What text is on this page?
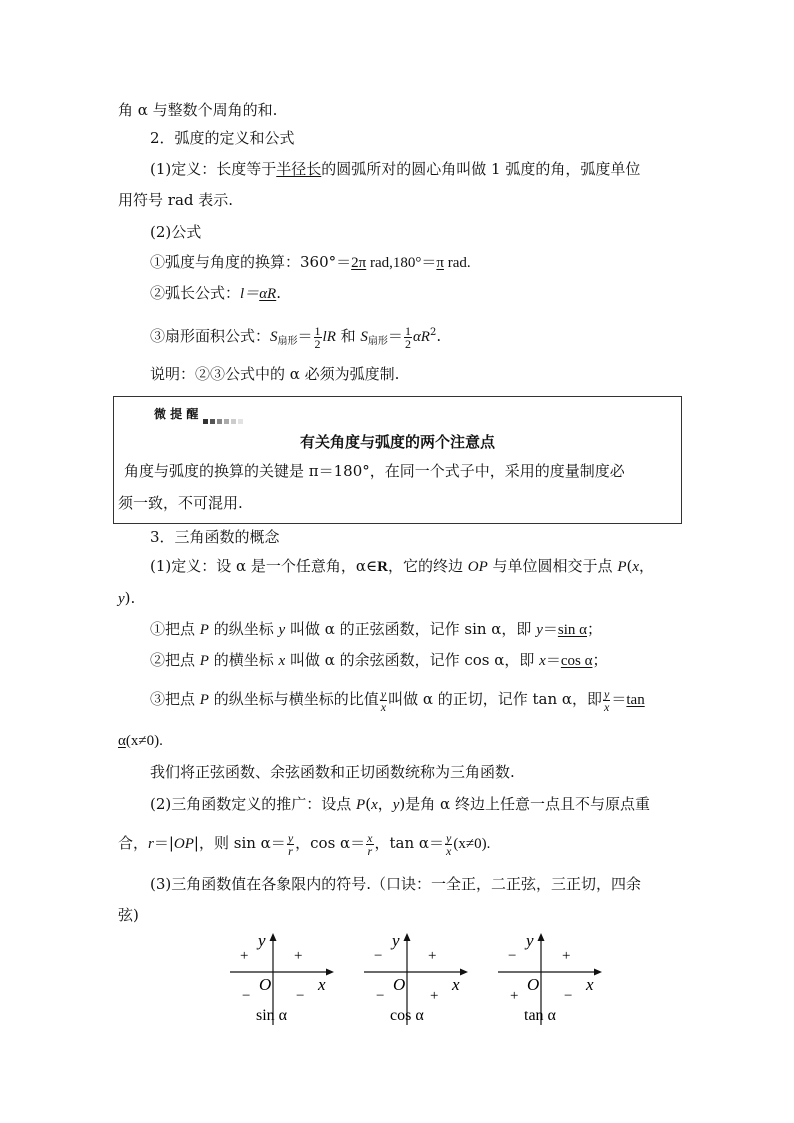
角 α 与整数个周角的和.
2．弧度的定义和公式
(1)定义：长度等于半径长的圆弧所对的圆心角叫做 1 弧度的角，弧度单位
用符号 rad 表示.
(2)公式
①弧度与角度的换算：360°＝2π rad,180°＝π rad.
②弧长公式：l＝αR.
③扇形面积公式：$S_{扇形}= \frac{1}{2}$ lR 和 $S_{扇形}= \frac{1}{2} \alpha R^2$.
说明：②③公式中的 α 必须为弧度制.
微 提 醒
有关角度与弧度的两个注意点
角度与弧度的换算的关键是 π＝180°，在同一个式子中，采用的度量制度必
须一致，不可混用.
3．三角函数的概念
(1)定义：设 α 是一个任意角，α∈R，它的终边 OP 与单位圆相交于点 P(x，
y).
①把点 P 的纵坐标 y 叫做 α 的正弦函数，记作 sin α，即 y＝sin α；
②把点 P 的横坐标 x 叫做 α 的余弦函数，记作 cos α，即 x＝cos α；
③把点 P 的纵坐标与横坐标的比值 $\frac{y}{x}$ 叫做 α 的正切，记作 tan α，即 $\frac{y}{x} =\tan$
α(x≠0).
我们将正弦函数、余弦函数和正切函数统称为三角函数.
(2)三角函数定义的推广：设点 P(x，y)是角 α 终边上任意一点且不与原点重
合，r＝|OP|，则 $\sin \alpha= \frac{y}{r}$ ，$\cos \alpha= \frac{x}{r}$ ，$\tan \alpha= \frac{y}{x} (x\ne 0)$.
(3)三角函数值在各象限内的符号.（口诀：一全正，二正弦，三正切，四余
弦)
y
x
O
+
+
−	−
sin α
y
x
O
+
−
−	+
cos α
y
x
O
+
−
+	−
tan α
